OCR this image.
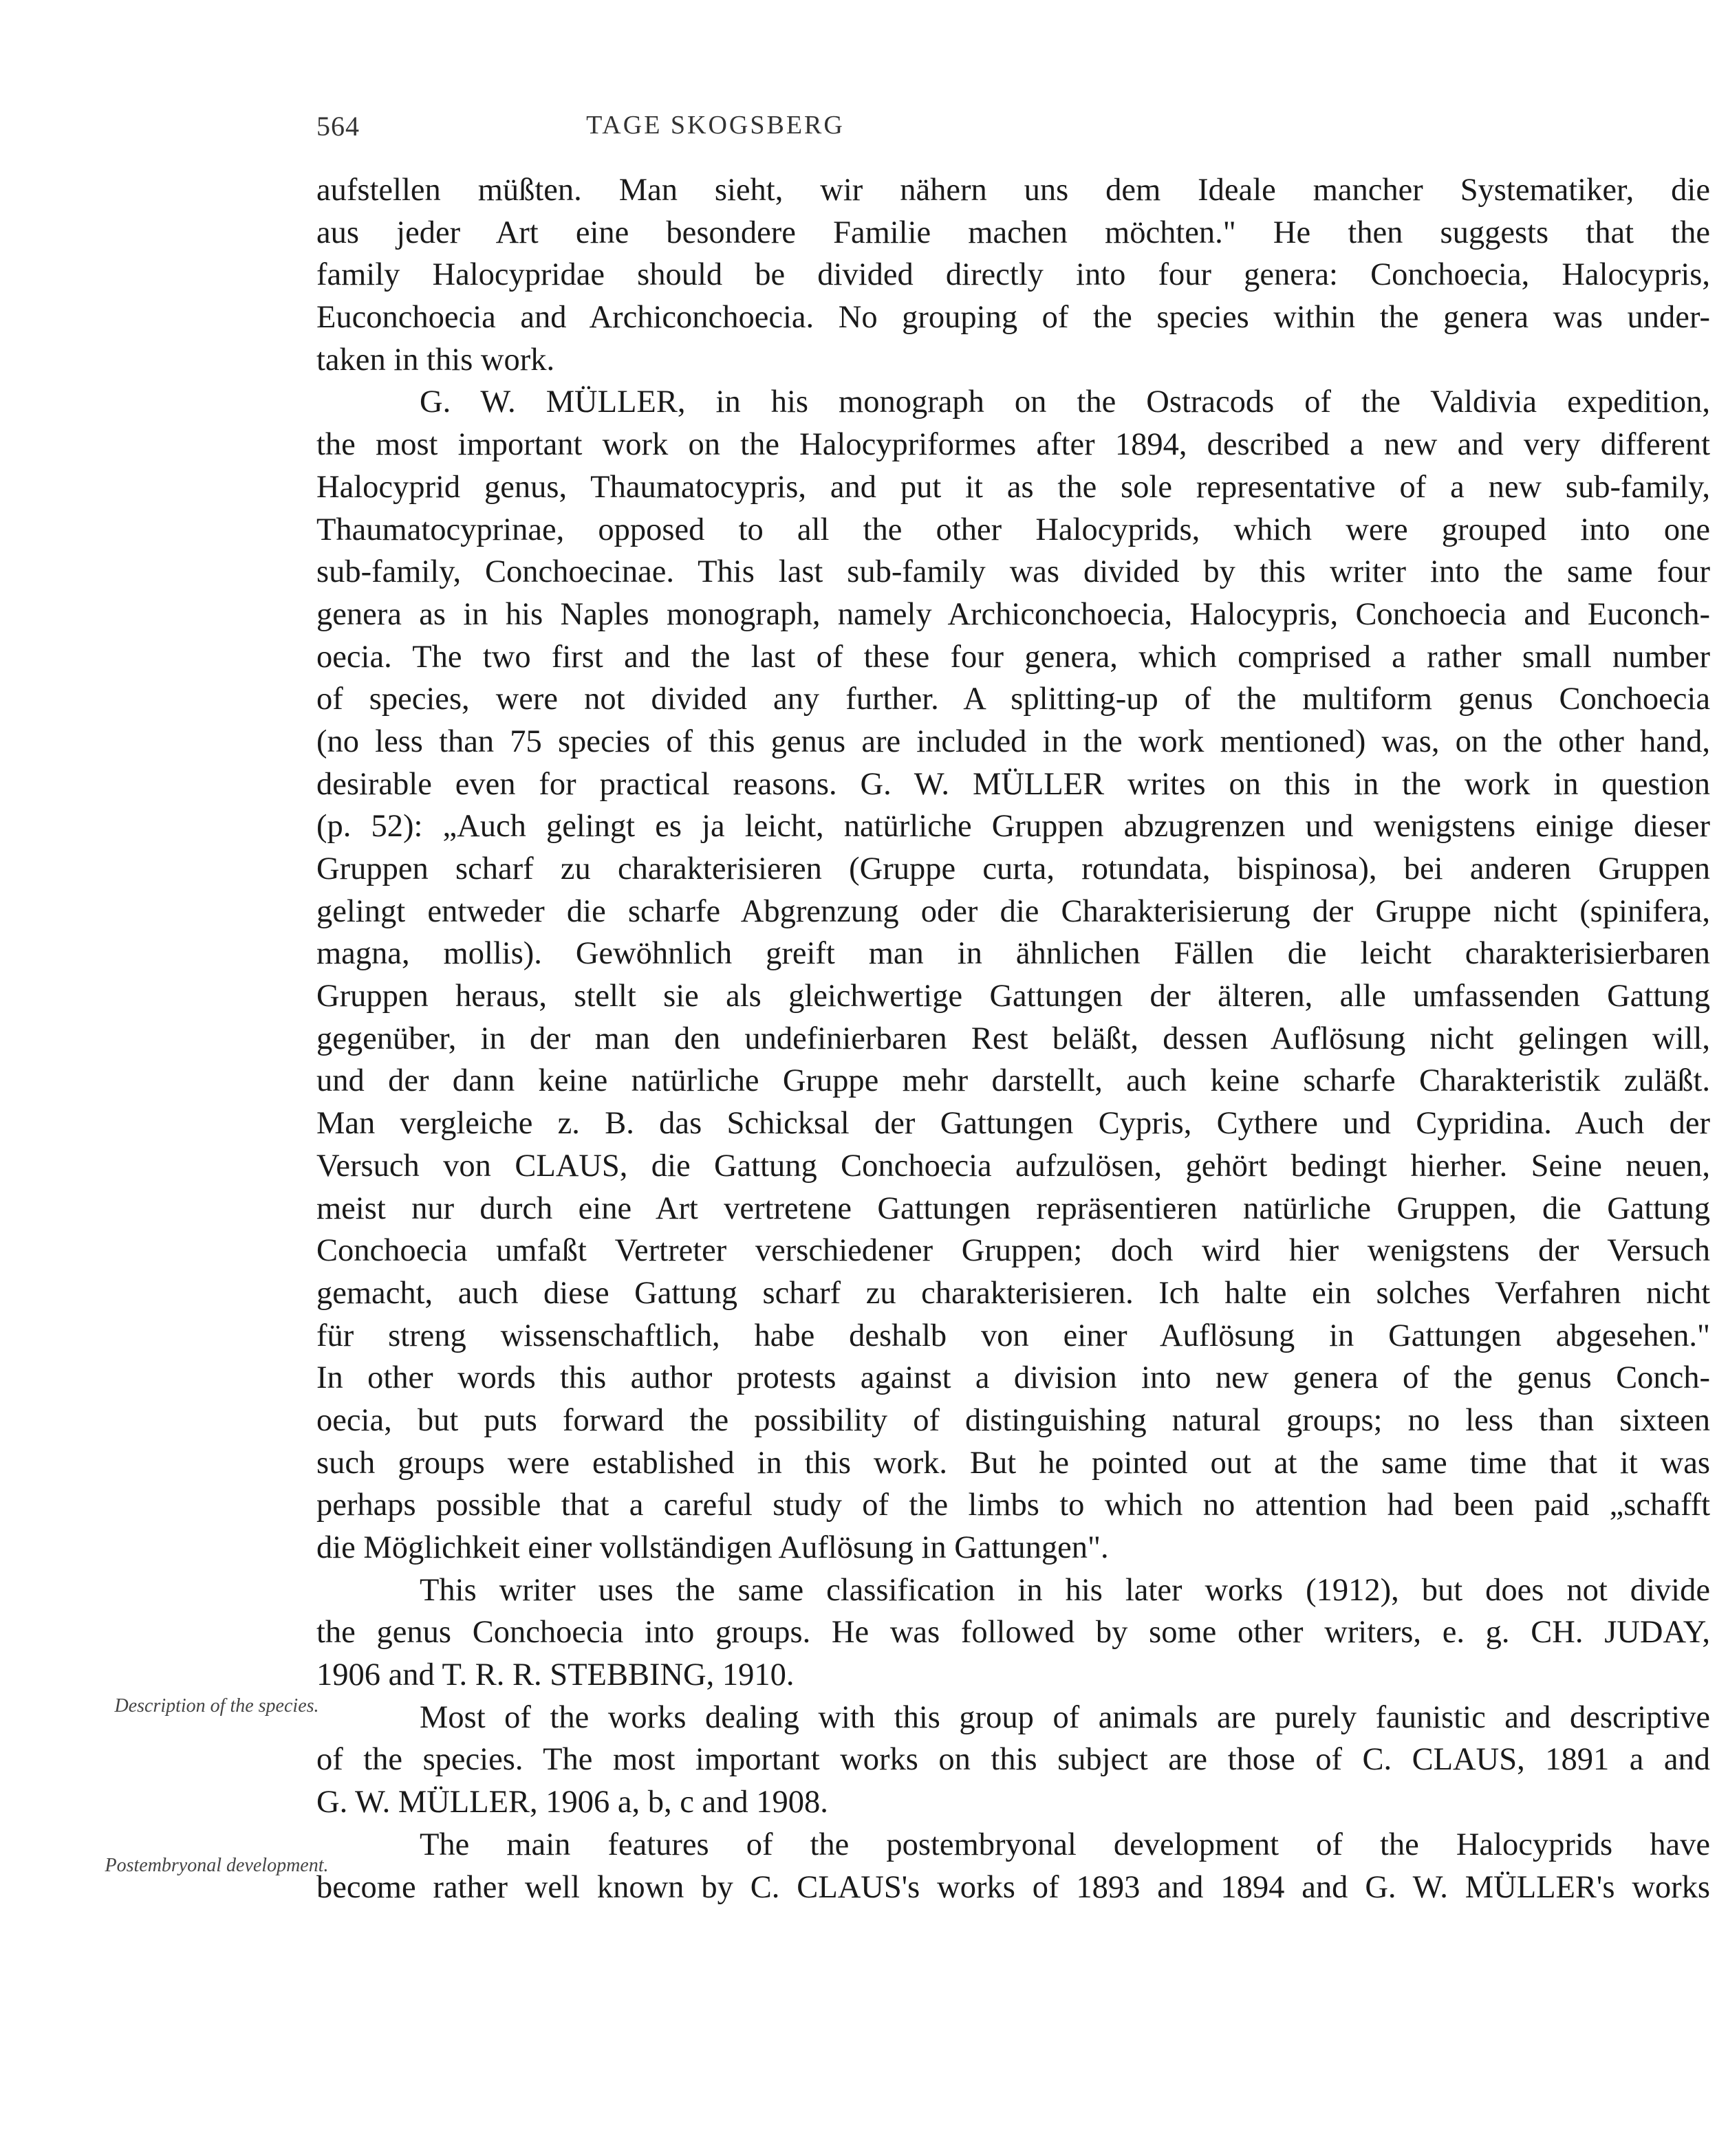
564	TAGE SKOGSBERG
Description of the species.
Postembryonal development.
aufstellen müßten. Man sieht, wir nähern uns dem Ideale mancher Systematiker, die
aus jeder Art eine besondere Familie machen möchten." He then suggests that the
family Halocypridae should be divided directly into four genera: Conchoecia, Halocypris,
Euconchoecia and Archiconchoecia. No grouping of the species within the genera was under-
taken in this work.
G. W. MÜLLER, in his monograph on the Ostracods of the Valdivia expedition,
the most important work on the Halocypriformes after 1894, described a new and very different
Halocyprid genus, Thaumatocypris, and put it as the sole representative of a new sub-family,
Thaumatocyprinae, opposed to all the other Halocyprids, which were grouped into one
sub-family, Conchoecinae. This last sub-family was divided by this writer into the same four
genera as in his Naples monograph, namely Archiconchoecia, Halocypris, Conchoecia and Euconch-
oecia. The two first and the last of these four genera, which comprised a rather small number
of species, were not divided any further. A splitting-up of the multiform genus Conchoecia
(no less than 75 species of this genus are included in the work mentioned) was, on the other hand,
desirable even for practical reasons. G. W. MÜLLER writes on this in the work in question
(p. 52): „Auch gelingt es ja leicht, natürliche Gruppen abzugrenzen und wenigstens einige dieser
Gruppen scharf zu charakterisieren (Gruppe curta, rotundata, bispinosa), bei anderen Gruppen
gelingt entweder die scharfe Abgrenzung oder die Charakterisierung der Gruppe nicht (spinifera,
magna, mollis). Gewöhnlich greift man in ähnlichen Fällen die leicht charakterisierbaren
Gruppen heraus, stellt sie als gleichwertige Gattungen der älteren, alle umfassenden Gattung
gegenüber, in der man den undefinierbaren Rest beläßt, dessen Auflösung nicht gelingen will,
und der dann keine natürliche Gruppe mehr darstellt, auch keine scharfe Charakteristik zuläßt.
Man vergleiche z. B. das Schicksal der Gattungen Cypris, Cythere und Cypridina. Auch der
Versuch von CLAUS, die Gattung Conchoecia aufzulösen, gehört bedingt hierher. Seine neuen,
meist nur durch eine Art vertretene Gattungen repräsentieren natürliche Gruppen, die Gattung
Conchoecia umfaßt Vertreter verschiedener Gruppen; doch wird hier wenigstens der Versuch
gemacht, auch diese Gattung scharf zu charakterisieren. Ich halte ein solches Verfahren nicht
für streng wissenschaftlich, habe deshalb von einer Auflösung in Gattungen abgesehen."
In other words this author protests against a division into new genera of the genus Conch-
oecia, but puts forward the possibility of distinguishing natural groups; no less than sixteen
such groups were established in this work. But he pointed out at the same time that it was
perhaps possible that a careful study of the limbs to which no attention had been paid „schafft
die Möglichkeit einer vollständigen Auflösung in Gattungen".
This writer uses the same classification in his later works (1912), but does not divide
the genus Conchoecia into groups. He was followed by some other writers, e. g. CH. JUDAY,
1906 and T. R. R. STEBBING, 1910.
Most of the works dealing with this group of animals are purely faunistic and descriptive
of the species. The most important works on this subject are those of C. CLAUS, 1891 a and
G. W. MÜLLER, 1906 a, b, c and 1908.
The main features of the postembryonal development of the Halocyprids have
become rather well known by C. CLAUS's works of 1893 and 1894 and G. W. MÜLLER's works
